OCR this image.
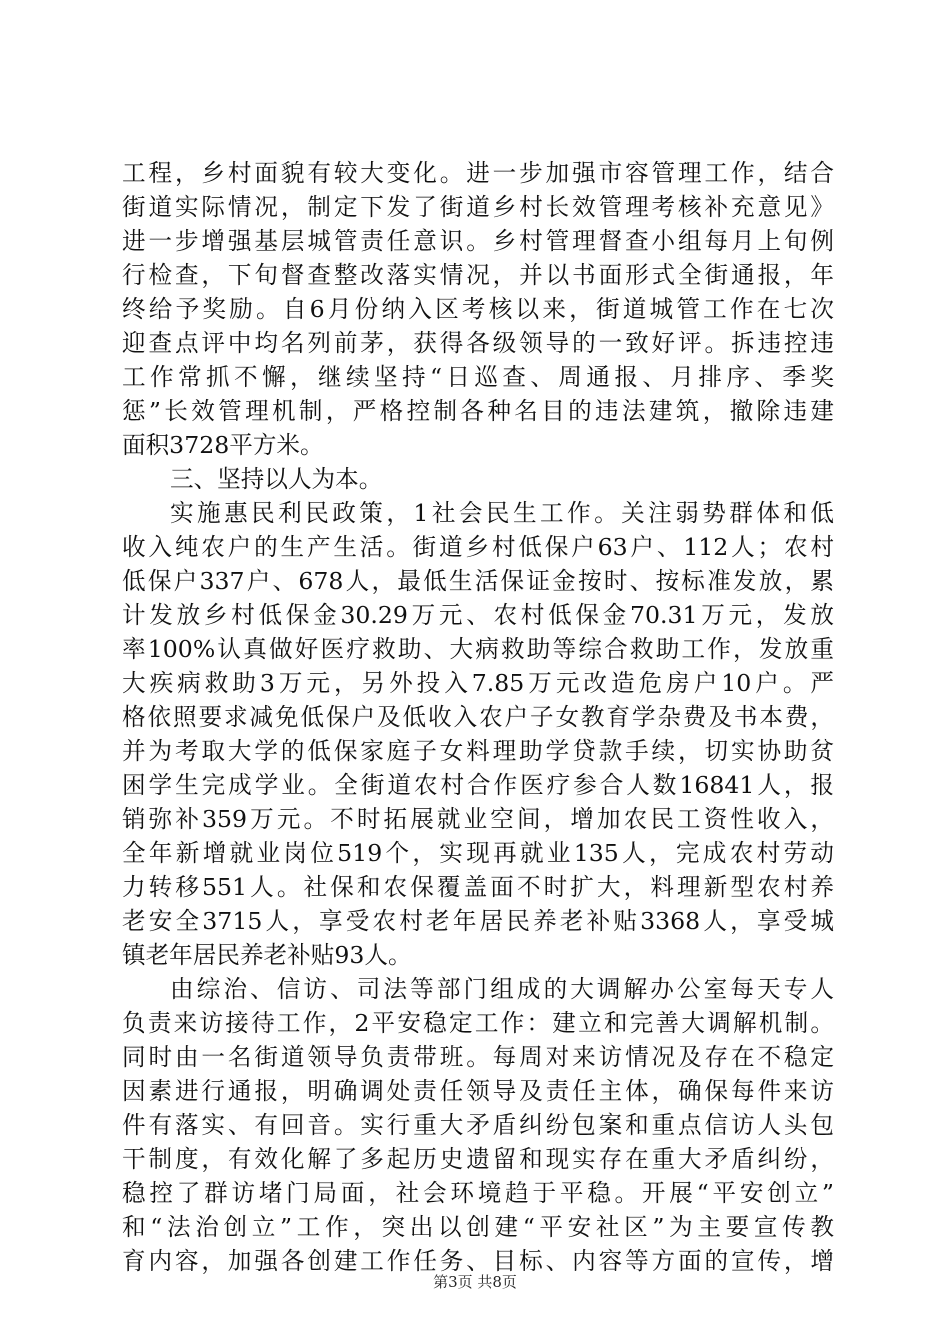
工程，乡村面貌有较大变化。进一步加强市容管理工作，结合
街道实际情况，制定下发了街道乡村长效管理考核补充意见》
进一步增强基层城管责任意识。乡村管理督查小组每月上旬例
行检查，下旬督查整改落实情况，并以书面形式全街通报，年
终给予奖励。自6月份纳入区考核以来，街道城管工作在七次
迎查点评中均名列前茅，获得各级领导的一致好评。拆违控违
工作常抓不懈，继续坚持“日巡查、周通报、月排序、季奖
惩”长效管理机制，严格控制各种名目的违法建筑，撤除违建
面积3728平方米。
三、坚持以人为本。
实施惠民利民政策，1社会民生工作。关注弱势群体和低
收入纯农户的生产生活。街道乡村低保户63户、112人；农村
低保户337户、678人，最低生活保证金按时、按标准发放，累
计发放乡村低保金30.29万元、农村低保金70.31万元，发放
率100%认真做好医疗救助、大病救助等综合救助工作，发放重
大疾病救助3万元，另外投入7.85万元改造危房户10户。严
格依照要求减免低保户及低收入农户子女教育学杂费及书本费，
并为考取大学的低保家庭子女料理助学贷款手续，切实协助贫
困学生完成学业。全街道农村合作医疗参合人数16841人，报
销弥补359万元。不时拓展就业空间，增加农民工资性收入，
全年新增就业岗位519个，实现再就业135人，完成农村劳动
力转移551人。社保和农保覆盖面不时扩大，料理新型农村养
老安全3715人，享受农村老年居民养老补贴3368人，享受城
镇老年居民养老补贴93人。
由综治、信访、司法等部门组成的大调解办公室每天专人
负责来访接待工作，2平安稳定工作：建立和完善大调解机制。
同时由一名街道领导负责带班。每周对来访情况及存在不稳定
因素进行通报，明确调处责任领导及责任主体，确保每件来访
件有落实、有回音。实行重大矛盾纠纷包案和重点信访人头包
干制度，有效化解了多起历史遗留和现实存在重大矛盾纠纷，
稳控了群访堵门局面，社会环境趋于平稳。开展“平安创立”
和“法治创立”工作，突出以创建“平安社区”为主要宣传教
育内容，加强各创建工作任务、目标、内容等方面的宣传，增
第3页 共8页
